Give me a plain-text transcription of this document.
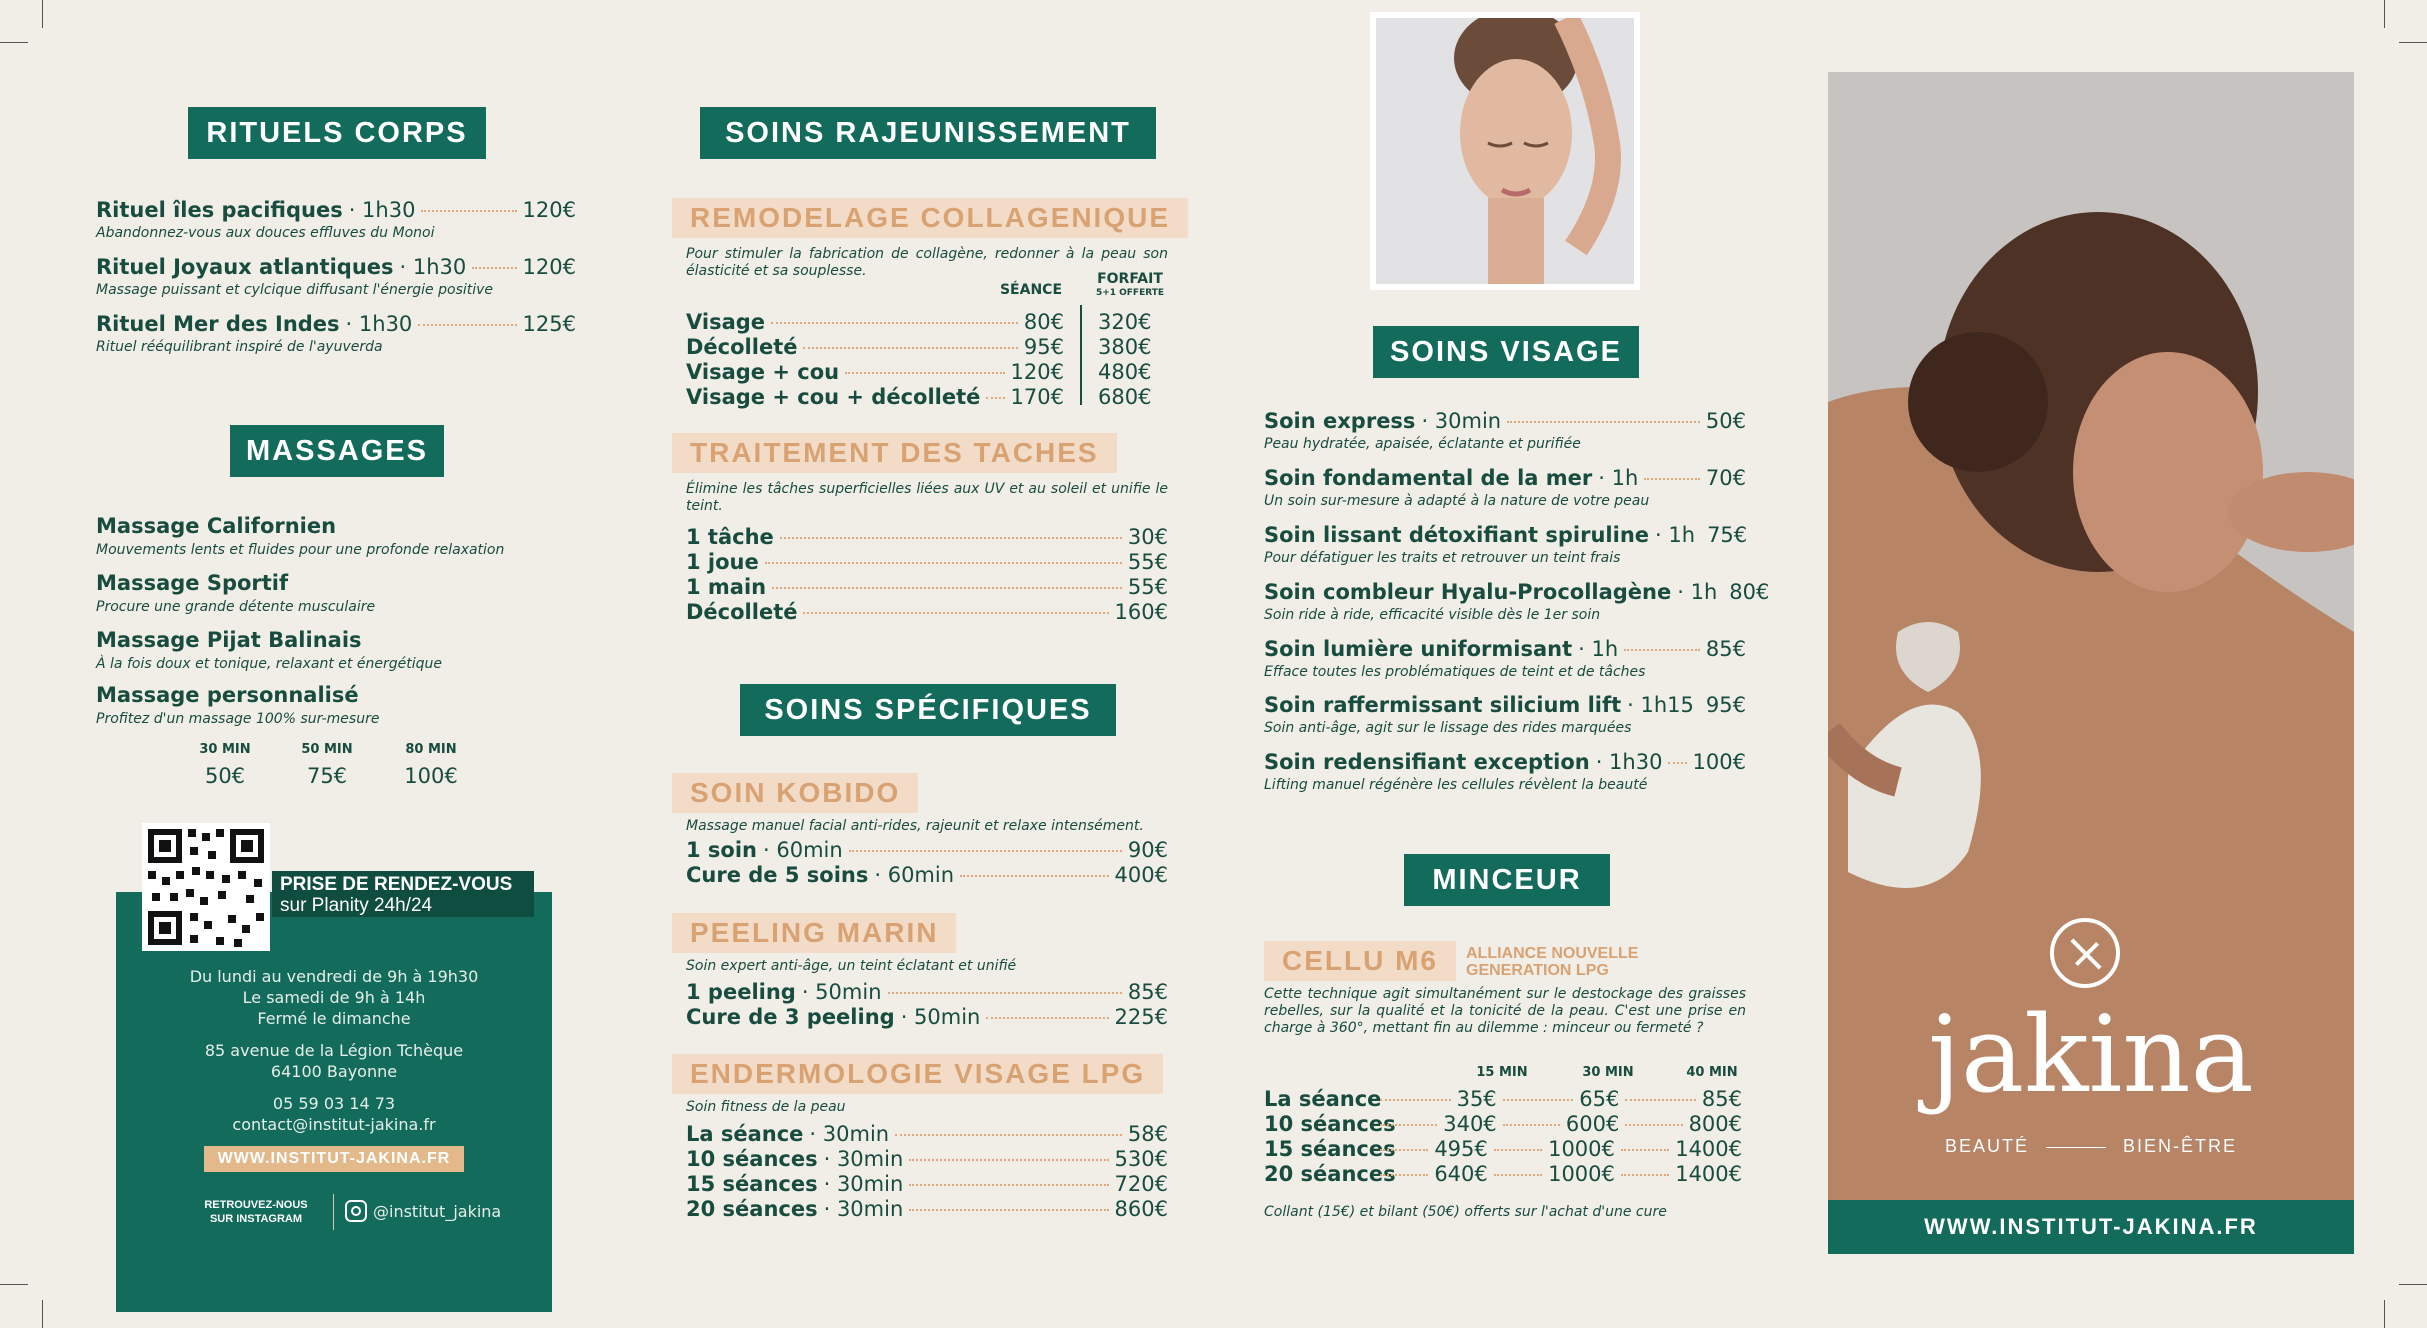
RITUELS CORPS
Rituel îles pacifiques · 1h30	120€
Abandonnez-vous aux douces effluves du Monoi
Rituel Joyaux atlantiques · 1h30	120€
Massage puissant et cylcique diffusant l'énergie positive
Rituel Mer des Indes · 1h30	125€
Rituel rééquilibrant inspiré de l'ayuverda
MASSAGES
Massage Californien
Mouvements lents et fluides pour une profonde relaxation
Massage Sportif
Procure une grande détente musculaire
Massage Pijat Balinais
À la fois doux et tonique, relaxant et énergétique
Massage personnalisé
Profitez d'un massage 100% sur-mesure
30 MIN	50 MIN	80 MIN
50€	75€	100€
PRISE DE RENDEZ-VOUS
sur Planity 24h/24
Du lundi au vendredi de 9h à 19h30
Le samedi de 9h à 14h
Fermé le dimanche
85 avenue de la Légion Tchèque
64100 Bayonne
05 59 03 14 73
contact@institut-jakina.fr
WWW.INSTITUT-JAKINA.FR
RETROUVEZ-NOUS
SUR INSTAGRAM	@institut_jakina
SOINS RAJEUNISSEMENT
REMODELAGE COLLAGENIQUE
Pour stimuler la fabrication de collagène, redonner à la peau son élasticité et sa souplesse.
SÉANCE
FORFAIT
5+1 OFFERTE
Visage	80€ 320€
Décolleté	95€ 380€
Visage + cou	120€ 480€
Visage + cou + décolleté 170€ 680€
TRAITEMENT DES TACHES
Élimine les tâches superficielles liées aux UV et au soleil et unifie le teint.
1 tâche	30€
1 joue	55€
1 main	55€
Décolleté	160€
SOINS SPÉCIFIQUES
SOIN KOBIDO
Massage manuel facial anti-rides, rajeunit et relaxe intensément.
1 soin · 60min	90€
Cure de 5 soins · 60min	400€
PEELING MARIN
Soin expert anti-âge, un teint éclatant et unifié
1 peeling · 50min	85€
Cure de 3 peeling · 50min	225€
ENDERMOLOGIE VISAGE LPG
Soin fitness de la peau
La séance · 30min	58€
10 séances · 30min	530€
15 séances · 30min	720€
20 séances · 30min	860€
SOINS VISAGE
Soin express · 30min	50€
Peau hydratée, apaisée, éclatante et purifiée
Soin fondamental de la mer · 1h	70€
Un soin sur-mesure à adapté à la nature de votre peau
Soin lissant détoxifiant spiruline · 1h 75€
Pour défatiguer les traits et retrouver un teint frais
Soin combleur Hyalu-Procollagène · 1h 80€
Soin ride à ride, efficacité visible dès le 1er soin
Soin lumière uniformisant · 1h	85€
Efface toutes les problématiques de teint et de tâches
Soin raffermissant silicium lift · 1h15 95€
Soin anti-âge, agit sur le lissage des rides marquées
Soin redensifiant exception · 1h30 100€
Lifting manuel régénère les cellules révèlent la beauté
MINCEUR
CELLU M6	ALLIANCE NOUVELLE
GENERATION LPG
Cette technique agit simultanément sur le destockage des graisses rebelles, sur la qualité et la tonicité de la peau. C'est une prise en charge à 360°, mettant fin au dilemme : minceur ou fermeté ?
15 MIN	30 MIN	40 MIN
La séance	35€	65€	85€
10 séances 340€	600€	800€
15 séances 495€	1000€	1400€
20 séances 640€	1000€	1400€
Collant (15€) et bilant (50€) offerts sur l'achat d'une cure
jakina
BEAUTÉ	BIEN-ÊTRE
WWW.INSTITUT-JAKINA.FR
